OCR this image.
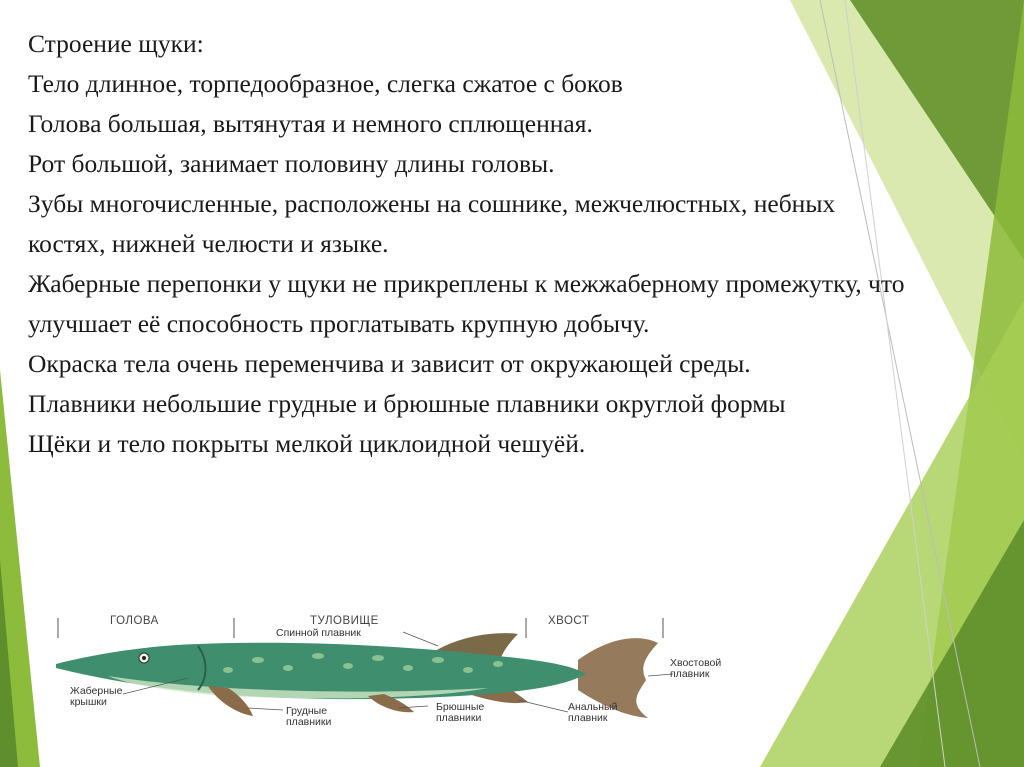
Строение щуки:

Тело длинное, торпедообразное, слегка сжатое с боков

Голова большая, вытянутая и немного сплющенная.

Рот большой, занимает половину длины головы.

Зубы многочисленные, расположены на сошнике, межчелюстных, небных костях, нижней челюсти и языке.

Жаберные перепонки у щуки не прикреплены к межжаберному промежутку, что улучшает её способность проглатывать крупную добычу.

Окраска тела очень переменчива и зависит от окружающей среды.

Плавники небольшие грудные и брюшные плавники округлой формы

Щёки и тело покрыты мелкой циклоидной чешуёй.

ГОЛОВА	ТУЛОВИЩЕ	ХВОСТ
Спинной плавник
Хвостовой
плавник
Жаберные
крышки
Грудные
плавники
Брюшные
плавники
Анальный
плавник
